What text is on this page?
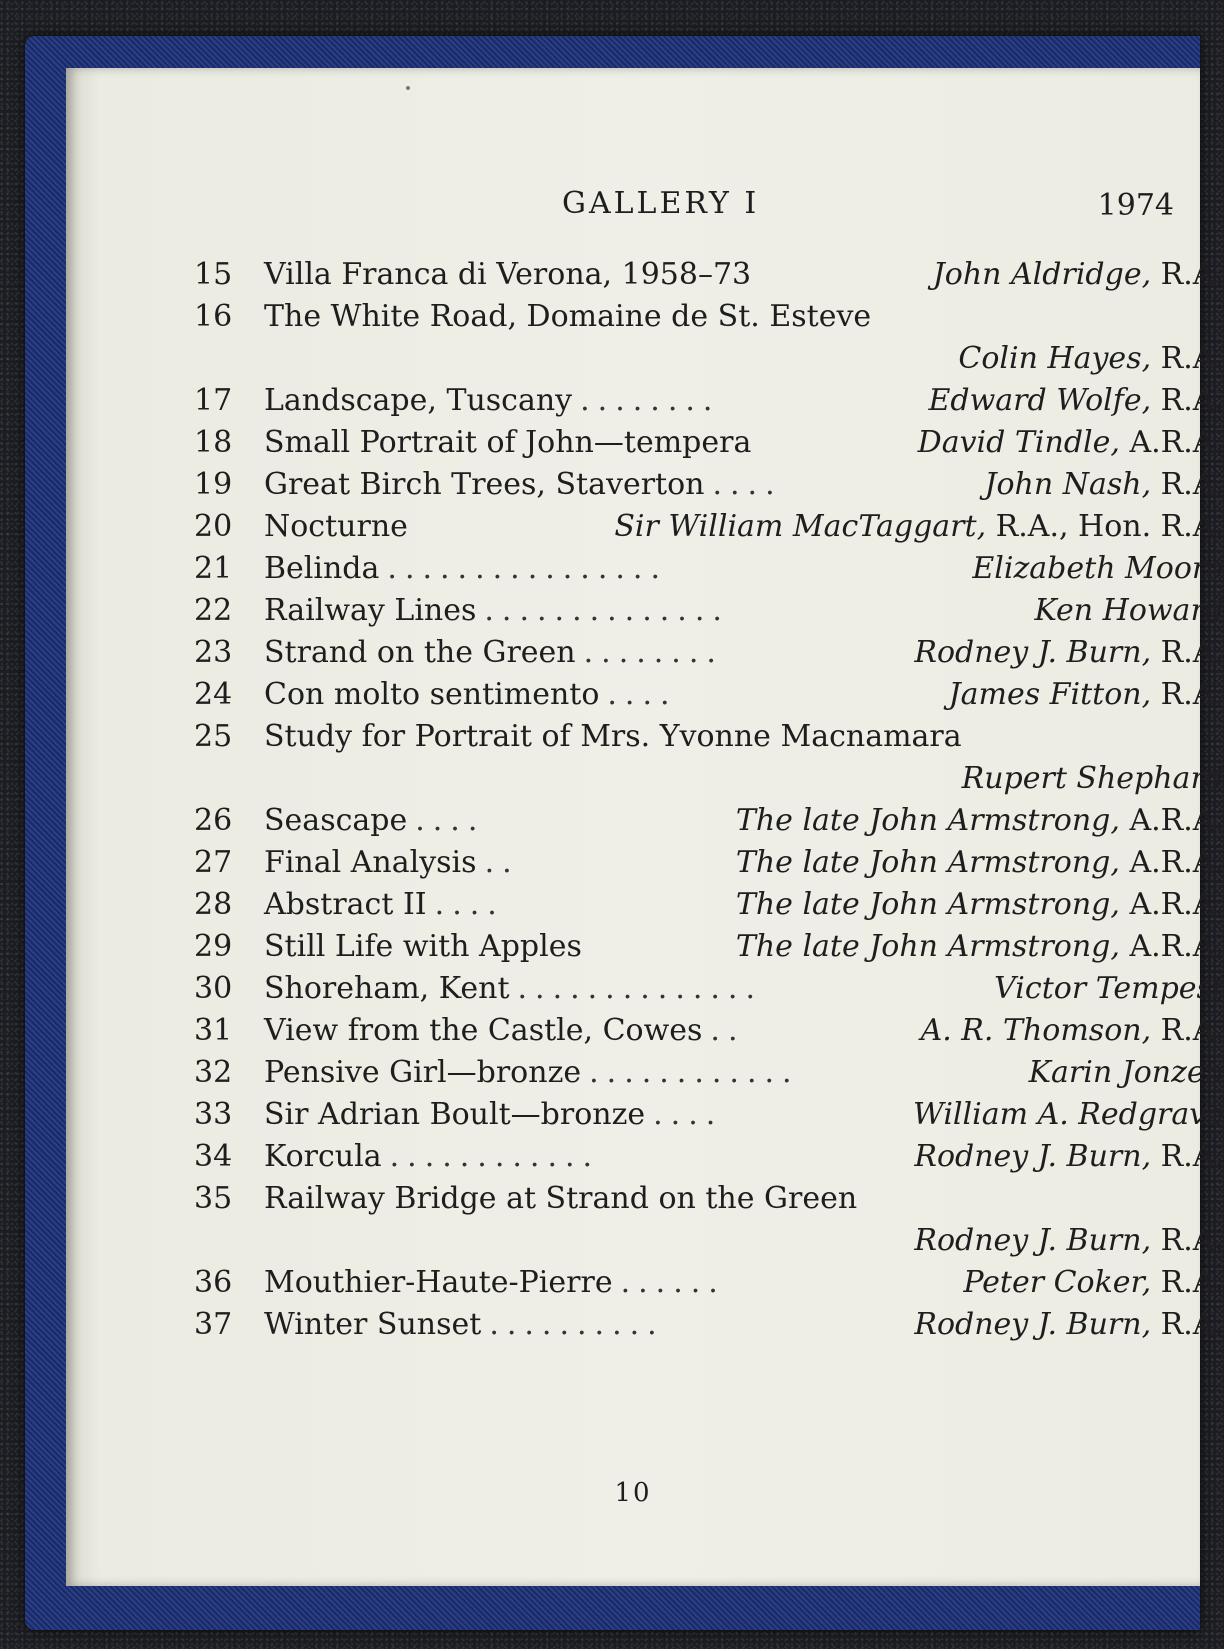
GALLERY I	1974
15	Villa Franca di Verona, 1958–73	John Aldridge, R.A.
16	The White Road, Domaine de St. Esteve
Colin Hayes, R.A.
17	Landscape, Tuscany ........	Edward Wolfe, R.A.
18	Small Portrait of John—tempera	David Tindle, A.R.A.
19	Great Birch Trees, Staverton ....	John Nash, R.A.
20	Nocturne	Sir William MacTaggart, R.A., Hon. R.A.
21	Belinda ................	Elizabeth Moore
22	Railway Lines ..............	Ken Howard
23	Strand on the Green ........	Rodney J. Burn, R.A.
24	Con molto sentimento ....	James Fitton, R.A.
25	Study for Portrait of Mrs. Yvonne Macnamara
Rupert Shephard
26	Seascape ....	The late John Armstrong, A.R.A.
27	Final Analysis ..	The late John Armstrong, A.R.A.
28	Abstract II ....	The late John Armstrong, A.R.A.
29	Still Life with Apples	The late John Armstrong, A.R.A.
30	Shoreham, Kent ..............	Victor Tempest
31	View from the Castle, Cowes ..	A. R. Thomson, R.A.
32	Pensive Girl—bronze ............	Karin Jonzen
33	Sir Adrian Boult—bronze ....	William A. Redgrave
34	Korcula ............	Rodney J. Burn, R.A.
35	Railway Bridge at Strand on the Green
Rodney J. Burn, R.A.
36	Mouthier-Haute-Pierre ......	Peter Coker, R.A.
37	Winter Sunset ..........	Rodney J. Burn, R.A.
10
